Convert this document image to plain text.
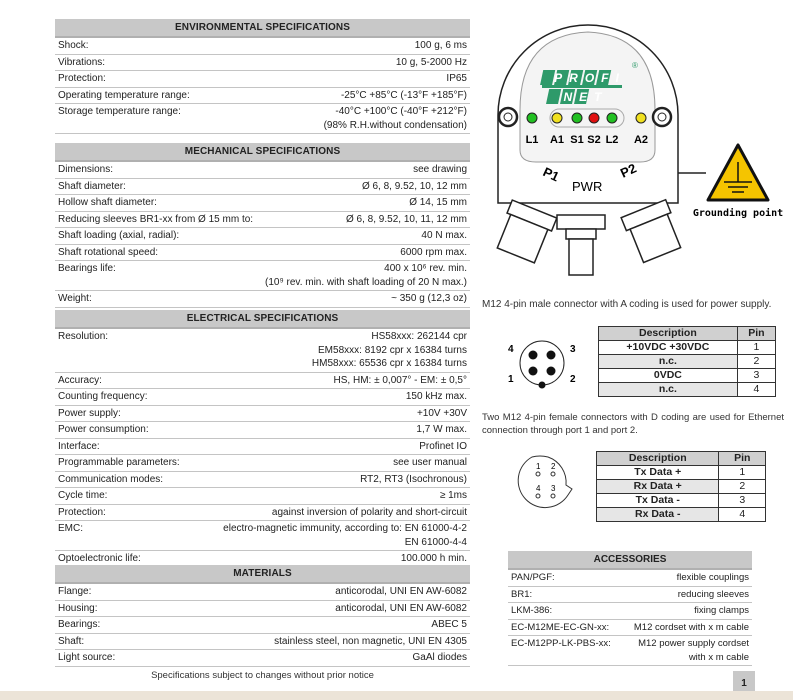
ENVIRONMENTAL SPECIFICATIONS
Shock:	100 g, 6 ms
Vibrations:	10 g, 5-2000 Hz
Protection:	IP65
Operating temperature range:	-25°C +85°C (-13°F +185°F)
Storage temperature range:	-40°C +100°C (-40°F +212°F)
(98% R.H.without condensation)
MECHANICAL SPECIFICATIONS
Dimensions:	see drawing
Shaft diameter:	Ø 6, 8, 9.52, 10, 12 mm
Hollow shaft diameter:	Ø 14, 15 mm
Reducing sleeves BR1-xx from Ø 15 mm to:	Ø 6, 8, 9.52, 10, 11, 12 mm
Shaft loading (axial, radial):	40 N max.
Shaft rotational speed:	6000 rpm max.
Bearings life:	400 x 10⁶ rev. min.
(10⁹ rev. min. with shaft loading of 20 N max.)
Weight:	~ 350 g (12,3 oz)
ELECTRICAL SPECIFICATIONS
Resolution:	HS58xxx: 262144 cpr
EM58xxx: 8192 cpr x 16384 turns
HM58xxx: 65536 cpr x 16384 turns
Accuracy:	HS, HM: ± 0,007° - EM: ± 0,5°
Counting frequency:	150 kHz max.
Power supply:	+10V +30V
Power consumption:	1,7 W max.
Interface:	Profinet IO
Programmable parameters:	see user manual
Communication modes:	RT2, RT3 (Isochronous)
Cycle time:	≥ 1ms
Protection:	against inversion of polarity and short-circuit
EMC:	electro-magnetic immunity, according to: EN 61000-4-2
EN 61000-4-4
Optoelectronic life:	100.000 h min.
MATERIALS
Flange:	anticorodal, UNI EN AW-6082
Housing:	anticorodal, UNI EN AW-6082
Bearings:	ABEC 5
Shaft:	stainless steel, non magnetic, UNI EN 4305
Light source:	GaAl diodes
Specifications subject to changes without prior notice
PROFI
NET
®
L1 A1 S1 S2 L2 A2
P1
PWR
P2
Grounding point
M12 4-pin male connector with A coding is used for power supply.
1	2
3
4
Description	Pin
+10VDC +30VDC	1
n.c.	2
0VDC	3
n.c.	4
Two M12 4-pin female connectors with D coding are used for Ethernet connection through port 1 and port 2.
1 2
3
4
Description	Pin
Tx Data +	1
Rx Data +	2
Tx Data -	3
Rx Data -	4
ACCESSORIES
PAN/PGF:	flexible couplings
BR1:	reducing sleeves
LKM-386:	fixing clamps
EC-M12ME-EC-GN-xx:	M12 cordset with x m cable
EC-M12PP-LK-PBS-xx:	M12 power supply cordset
with x m cable
1
